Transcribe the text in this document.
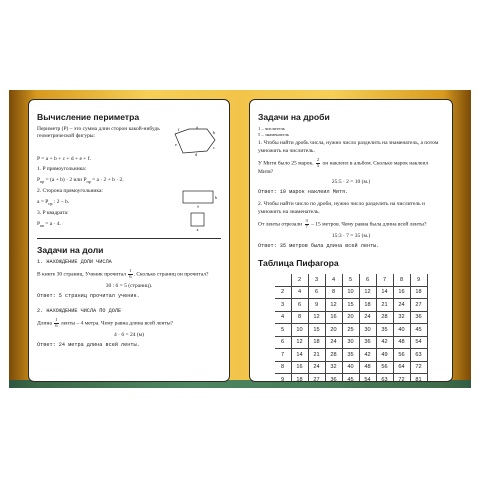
Вычисление периметра

Периметр (P) – это сумма длин сторон какой-нибудь геометрической фигуры:

a
b
c
d
e
f

P = a + b + c + d + e + f.

1. P прямоугольника:

$P_{пр} = (a + b) \cdot 2$ или $P_{пр} = a \cdot 2 + b \cdot 2$.

2. Сторона прямоугольника:

$a = P_{пр}$ : 2 – b.

a
b

3. P квадрата:

$P_{кв} = a \cdot 4$.

a
Задачи на доли

1. НАХОЖДЕНИЕ ДОЛИ ЧИСЛА

В книге 30 страниц. Ученик прочитал $\frac{1}{6}$ . Сколько страниц он прочитал?

30 : 6 = 5 (страниц).

Ответ: 5 страниц прочитал ученик.

2. НАХОЖДЕНИЕ ЧИСЛА ПО ДОЛЕ

Длина $\frac{1}{6}$ ленты – 4 метра. Чему равна длина всей ленты?

4 · 6 = 24 (м)

Ответ: 24 метра длина всей ленты.

Задачи на дроби

1 – числитель

5 – знаменатель

1. Чтобы найти дробь числа, нужно число разделить на знаменатель, а потом умножить на числитель.

У Мити было 25 марок. $\frac{2}{5}$ он наклеил в альбом. Сколько марок наклеил Митя?

25:5 · 2 = 10 (м.)

Ответ: 10 марок наклеил Митя.

2. Чтобы найти число по дроби, нужно число разделить на числитель и умножить на знаменатель.

От ленты отрезали $\frac{3}{7} - 15$ метров. Чему равна была длина всей ленты?

15:3 · 7 = 35 (м.)

Ответ: 35 метров была длина всей ленты.

Таблица Пифагора
	2	3	4	5	6	7	8	9
2	4	6	8	10	12	14	16	18
3	6	9	12	15	18	21	24	27
4	8	12	16	20	24	28	32	36
5	10	15	20	25	30	35	40	45
6	12	18	24	30	36	42	48	54
7	14	21	28	35	42	49	56	63
8	16	24	32	40	48	56	64	72
9	18	27	36	45	54	63	72	81
